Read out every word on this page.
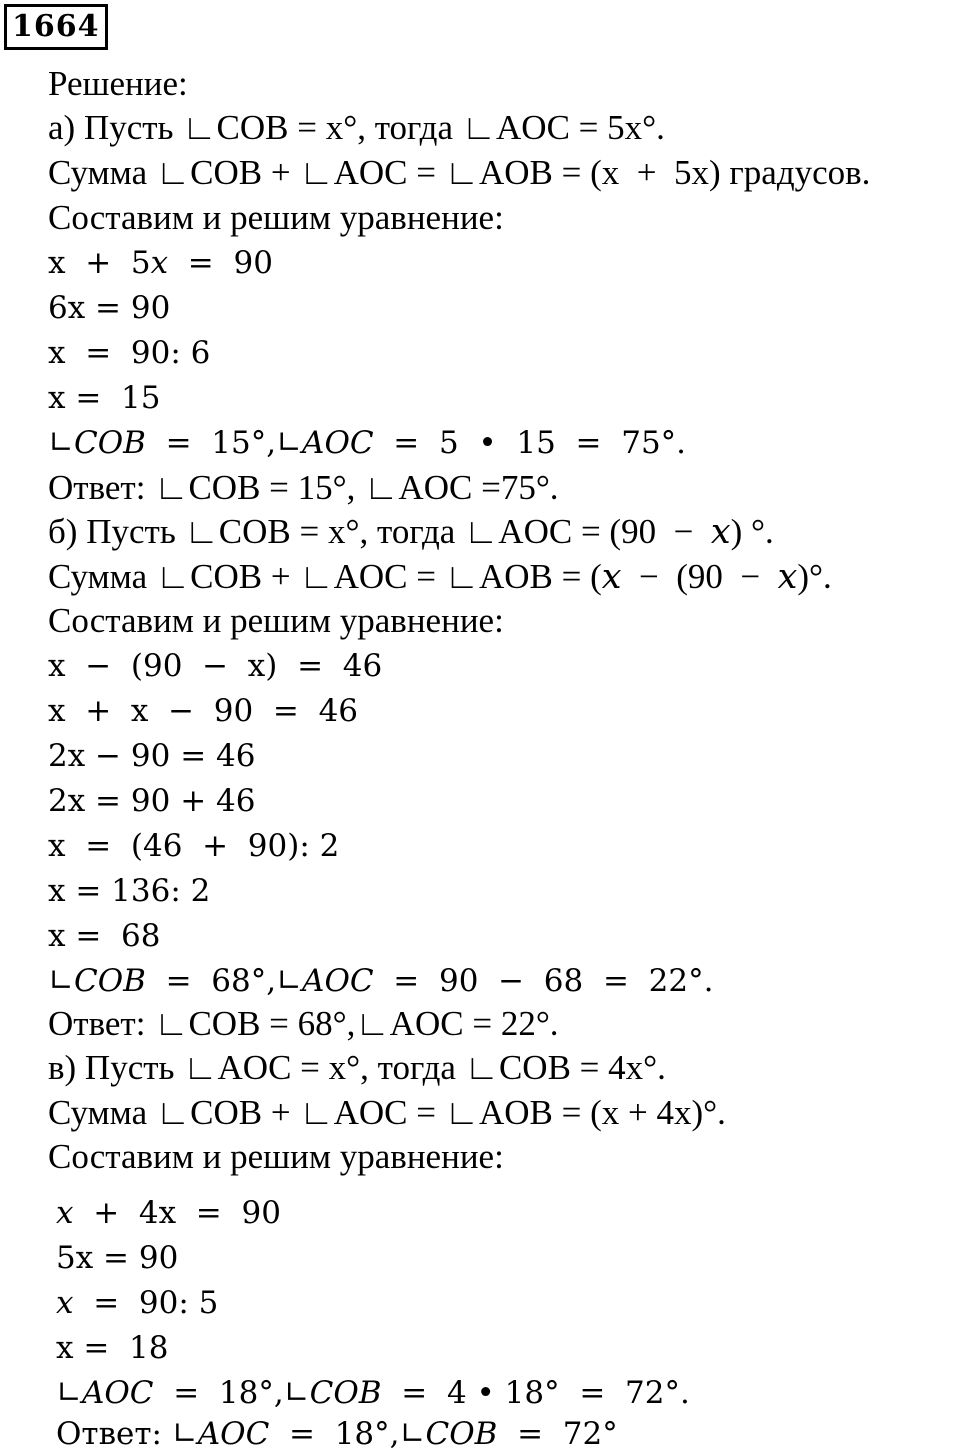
1664
Решение:
а) Пусть ∟COB = x°, тогда ∟AOC = 5x°.
Сумма ∟COB + ∟AOC = ∟AOB = (x  +  5x) градусов.
Составим и решим уравнение:
x  +  5𝑥  =  90
6x = 90
x  =  90: 6
x =  15
∟𝐶𝑂𝐵  =  15°,∟𝐴𝑂𝐶  =  5  •  15  =  75°.
Ответ: ∟COB = 15°, ∟AOC =75°.
б) Пусть ∟COB = x°, тогда ∟AOC = (90  −  𝑥) °.
Сумма ∟COB + ∟AOC = ∟AOB = (𝑥  −  (90  −  𝑥)°.
Составим и решим уравнение:
x  −  (90  −  x)  =  46
x  +  x  −  90  =  46
2x − 90 = 46
2x = 90 + 46
x  =  (46  +  90): 2
x = 136: 2
x =  68
∟𝐶𝑂𝐵  =  68°,∟𝐴𝑂𝐶  =  90  −  68  =  22°.
Ответ: ∟COB = 68°,∟AOC = 22°.
в) Пусть ∟AOC = x°, тогда ∟COB = 4x°.
Сумма ∟COB + ∟AOC = ∟AOB = (x + 4x)°.
Составим и решим уравнение:
𝑥  +  4x  =  90
5x = 90
𝑥  =  90: 5
x =  18
∟𝐴𝑂𝐶  =  18°,∟𝐶𝑂𝐵  =  4 • 18°  =  72°.
Ответ: ∟𝐴𝑂𝐶  =  18°,∟𝐶𝑂𝐵  =  72°
